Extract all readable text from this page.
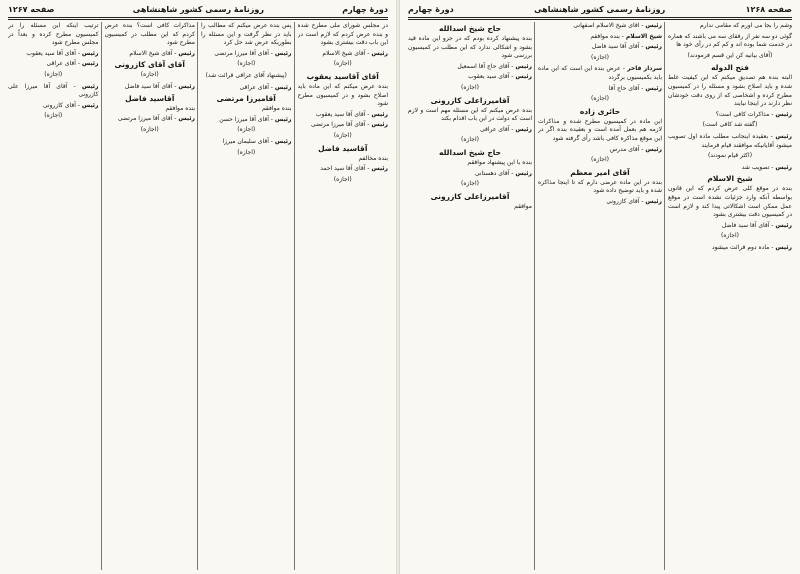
صفحه ۱۲۶۸
روزنامهٔ رسمی کشور شاهنشاهی
دورهٔ چهارم

وشم را بجا می آورم که مقامی ندارم

گوئی دو سه نفر از رفقای سه می باشند که هماره در خدمت شما بوده اند و کم کم در رأی خود ها

(آقای بیانیه کن این قسم فرمودند)

فتح الدوله

البته بنده هم تصدیق میکنم که این کیفیت غلط شده و باید اصلاح بشود و مسئله را در کمیسیون مطرح کرده و اشخاصی که از روی دقت خودشان نظر دارند در اینجا نیایند

رئیس - مذاکرات کافی است؟

(گفته شد کافی است)

رئیس - بعقیده اینجانب مطلب ماده اول تصویب میشود آقایانیکه موافقند قیام فرمایند

(اکثر قیام نمودند)

رئیس - تصویب شد

شیخ الاسلام

بنده در موقع کلی عرض کردم که این قانون بواسطه آنکه وارد جزئیات نشده است در موقع عمل ممکن است اشکالاتی پیدا کند و لازم است در کمیسیون دقت بیشتری بشود

رئیس - آقای آقا سید فاضل

(اجازه)

رئیس - ماده دوم قرائت میشود

رئیس - آقای شیخ الاسلام اصفهانی

شیخ الاسلام - بنده موافقم

رئیس - آقای آقا سید فاضل

(اجازه)

سردار فاخر - عرض بنده این است که این ماده باید بکمیسیون برگردد

رئیس - آقای حاج آقا

(اجازه)

حائری زاده

این ماده در کمیسیون مطرح شده و مذاکرات لازمه هم بعمل آمده است و بعقیده بنده اگر در این موقع مذاکره کافی باشد رأی گرفته شود

رئیس - آقای مدرس

(اجازه)

آقای امیر معظم

بنده در این ماده عرضی دارم که تا اینجا مذاکره شده و باید توضیح داده شود

رئیس - آقای کازرونی

حاج شیخ اسدالله

بنده پیشنهاد کرده بودم که در جزو این ماده قید بشود و اشکالی ندارد که این مطلب در کمیسیون بررسی شود

رئیس - آقای حاج آقا اسمعیل

رئیس - آقای سید یعقوب

(اجازه)

آقامیرزاعلی کازرونی

بنده عرض میکنم که این مسئله مهم است و لازم است که دولت در این باب اقدام بکند

رئیس - آقای عراقی

(اجازه)

حاج شیخ اسدالله

بنده با این پیشنهاد موافقم

رئیس - آقای دهستانی

(اجازه)

آقامیرزاعلی کازرونی

موافقم

دورهٔ چهارم
روزنامهٔ رسمی کشور شاهنشاهی
صفحه ۱۲۶۷

در مجلس شورای ملی مطرح شده و بنده عرض کردم که لازم است در این باب دقت بیشتری بشود

رئیس - آقای شیخ الاسلام

(اجازه)

آقای آقاسید یعقوب

بنده عرض میکنم که این ماده باید اصلاح بشود و در کمیسیون مطرح شود

رئیس - آقای آقا سید یعقوب

رئیس - آقای آقا میرزا مرتضی

(اجازه)

آقاسید فاضل

بنده مخالفم

رئیس - آقای آقا سید احمد

(اجازه)

پس بنده عرض میکنم که مطالب را باید در نظر گرفت و این مسئله را بطوریکه عرض شد حل کرد

رئیس - آقای آقا میرزا مرتضی

(اجازه)

(پیشنهاد آقای عراقی قرائت شد)

رئیس - آقای عراقی

آقامیرزا مرتضی

بنده موافقم

رئیس - آقای آقا میرزا حسن

(اجازه)

رئیس - آقای سلیمان میرزا

(اجازه)

مذاکرات کافی است؟ بنده عرض کردم که این مطلب در کمیسیون مطرح شود

رئیس - آقای شیخ الاسلام

آقای آقای کازرونی

(اجازه)

رئیس - آقای آقا سید فاضل

آقاسید فاضل

بنده موافقم

رئیس - آقای آقا میرزا مرتضی

(اجازه)

ترتیب اینکه این مسئله را در کمیسیون مطرح کرده و بعداً در مجلس مطرح شود

رئیس - آقای آقا سید یعقوب

رئیس - آقای عراقی

(اجازه)

رئیس - آقای آقا میرزا علی کازرونی

رئیس - آقای کازرونی

(اجازه)
